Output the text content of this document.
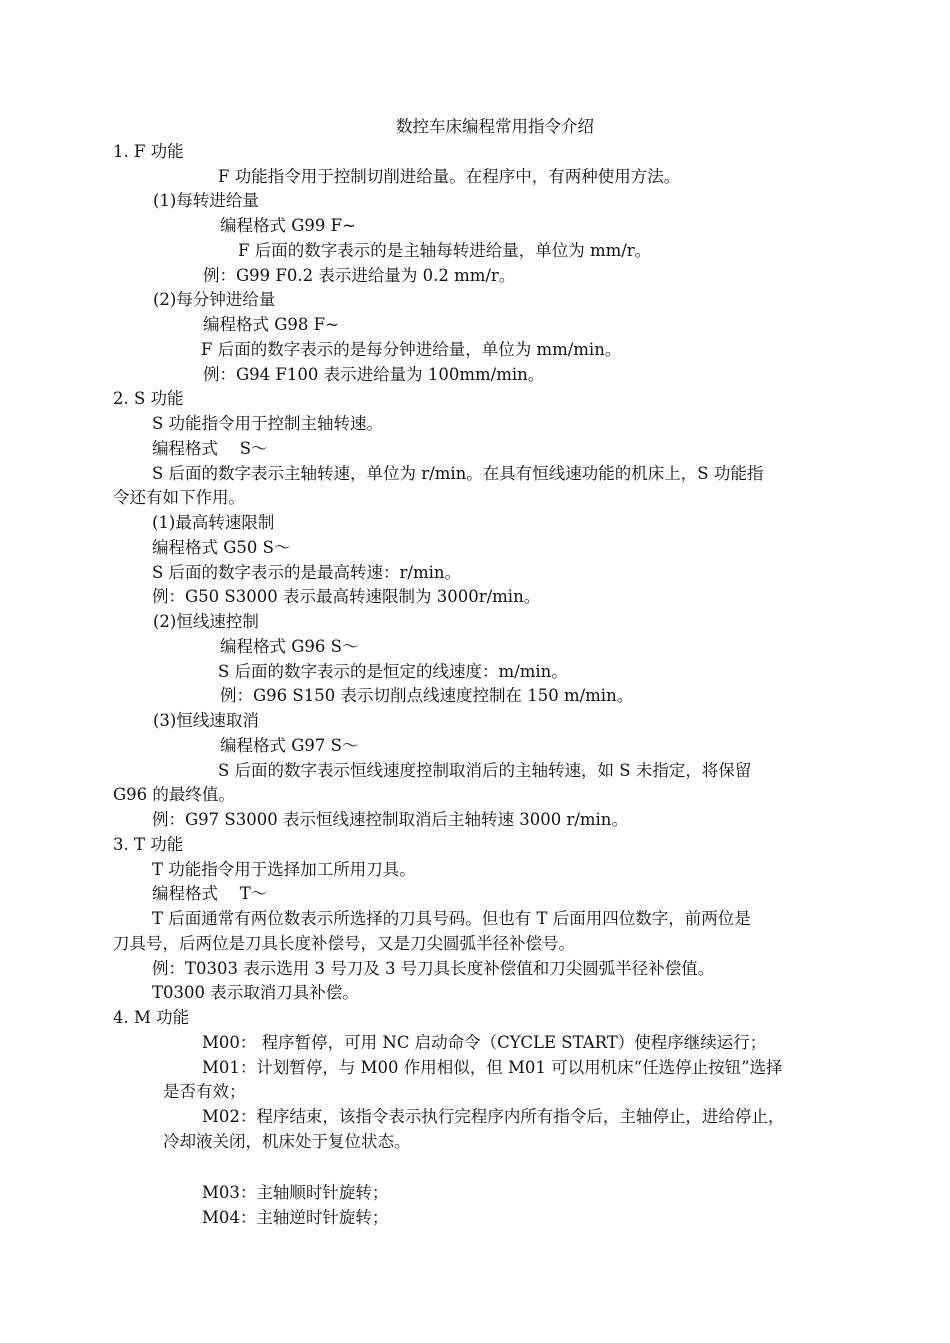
数控车床编程常用指令介绍
1. F 功能
F 功能指令用于控制切削进给量。在程序中，有两种使用方法。
(1)每转进给量
编程格式 G99 F~
F 后面的数字表示的是主轴每转进给量，单位为 mm/r。
例：G99 F0.2 表示进给量为 0.2 mm/r。
(2)每分钟进给量
编程格式 G98 F~
F 后面的数字表示的是每分钟进给量，单位为 mm/min。
例：G94 F100 表示进给量为 100mm/min。
2. S 功能
S 功能指令用于控制主轴转速。
编程格式　 S～
S 后面的数字表示主轴转速，单位为 r/min。在具有恒线速功能的机床上，S 功能指
令还有如下作用。
(1)最高转速限制
编程格式 G50 S～
S 后面的数字表示的是最高转速：r/min。
例：G50 S3000 表示最高转速限制为 3000r/min。
(2)恒线速控制
编程格式 G96 S～
S 后面的数字表示的是恒定的线速度：m/min。
例：G96 S150 表示切削点线速度控制在 150 m/min。
(3)恒线速取消
编程格式 G97 S～
S 后面的数字表示恒线速度控制取消后的主轴转速，如 S 未指定，将保留
G96 的最终值。
例：G97 S3000 表示恒线速控制取消后主轴转速 3000 r/min。
3. T 功能
T 功能指令用于选择加工所用刀具。
编程格式　 T～
T 后面通常有两位数表示所选择的刀具号码。但也有 T 后面用四位数字，前两位是
刀具号，后两位是刀具长度补偿号，又是刀尖圆弧半径补偿号。
例：T0303 表示选用 3 号刀及 3 号刀具长度补偿值和刀尖圆弧半径补偿值。
T0300 表示取消刀具补偿。
4. M 功能
M00： 程序暂停，可用 NC 启动命令（CYCLE START）使程序继续运行；
M01：计划暂停，与 M00 作用相似，但 M01 可以用机床“任选停止按钮”选择
是否有效；
M02：程序结束，该指令表示执行完程序内所有指令后，主轴停止，进给停止，
冷却液关闭，机床处于复位状态。
M03：主轴顺时针旋转；
M04：主轴逆时针旋转；
